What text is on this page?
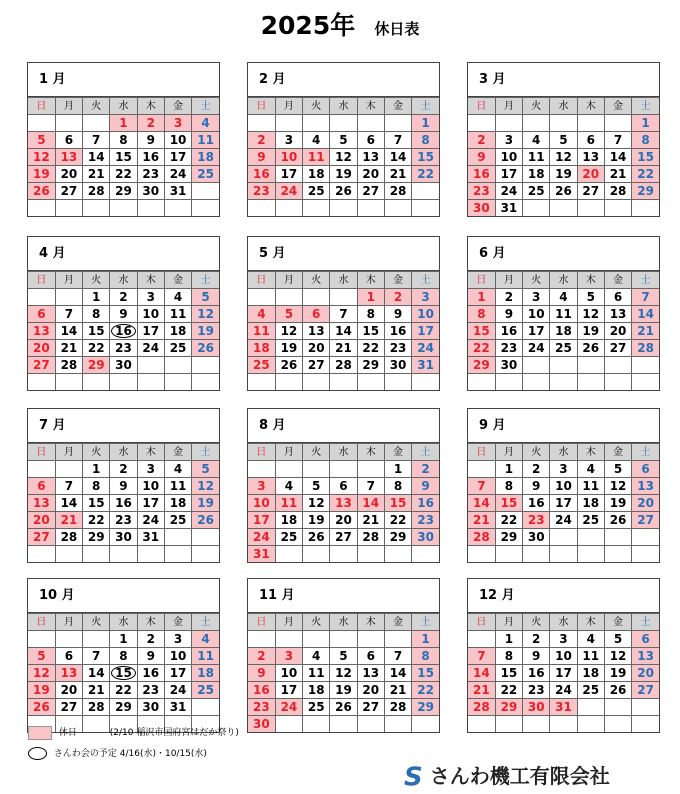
2025年 休日表
1 月
日	月	火	水	木	金	土
			1	2	3	4
5	6	7	8	9	10	11
12	13	14	15	16	17	18
19	20	21	22	23	24	25
26	27	28	29	30	31	

2 月
日	月	火	水	木	金	土
						1
2	3	4	5	6	7	8
9	10	11	12	13	14	15
16	17	18	19	20	21	22
23	24	25	26	27	28	

3 月
日	月	火	水	木	金	土
						1
2	3	4	5	6	7	8
9	10	11	12	13	14	15
16	17	18	19	20	21	22
23	24	25	26	27	28	29
30	31					
4 月
日	月	火	水	木	金	土
		1	2	3	4	5
6	7	8	9	10	11	12
13	14	15	16	17	18	19
20	21	22	23	24	25	26
27	28	29	30			

5 月
日	月	火	水	木	金	土
				1	2	3
4	5	6	7	8	9	10
11	12	13	14	15	16	17
18	19	20	21	22	23	24
25	26	27	28	29	30	31

6 月
日	月	火	水	木	金	土
1	2	3	4	5	6	7
8	9	10	11	12	13	14
15	16	17	18	19	20	21
22	23	24	25	26	27	28
29	30					

7 月
日	月	火	水	木	金	土
		1	2	3	4	5
6	7	8	9	10	11	12
13	14	15	16	17	18	19
20	21	22	23	24	25	26
27	28	29	30	31		

8 月
日	月	火	水	木	金	土
					1	2
3	4	5	6	7	8	9
10	11	12	13	14	15	16
17	18	19	20	21	22	23
24	25	26	27	28	29	30
31						
9 月
日	月	火	水	木	金	土
	1	2	3	4	5	6
7	8	9	10	11	12	13
14	15	16	17	18	19	20
21	22	23	24	25	26	27
28	29	30				

10 月
日	月	火	水	木	金	土
			1	2	3	4
5	6	7	8	9	10	11
12	13	14	15	16	17	18
19	20	21	22	23	24	25
26	27	28	29	30	31	

11 月
日	月	火	水	木	金	土
						1
2	3	4	5	6	7	8
9	10	11	12	13	14	15
16	17	18	19	20	21	22
23	24	25	26	27	28	29
30						
12 月
日	月	火	水	木	金	土
	1	2	3	4	5	6
7	8	9	10	11	12	13
14	15	16	17	18	19	20
21	22	23	24	25	26	27
28	29	30	31			

休日	(2/10 稲沢市国府宮はだか祭り)
さんわ会の予定 4/16(水)・10/15(水)
S さんわ機工有限会社
